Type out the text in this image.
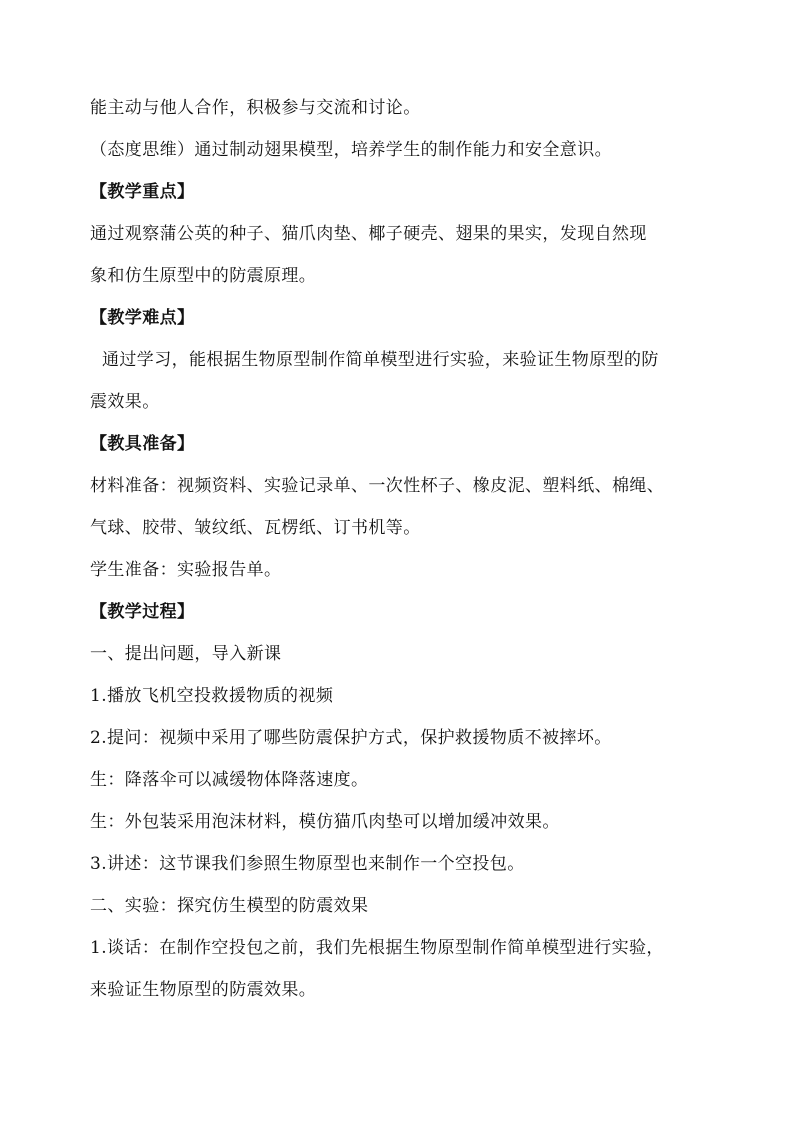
能主动与他人合作，积极参与交流和讨论。
（态度思维）通过制动翅果模型，培养学生的制作能力和安全意识。
【教学重点】
通过观察蒲公英的种子、猫爪肉垫、椰子硬壳、翅果的果实，发现自然现
象和仿生原型中的防震原理。
【教学难点】
通过学习，能根据生物原型制作简单模型进行实验，来验证生物原型的防
震效果。
【教具准备】
材料准备：视频资料、实验记录单、一次性杯子、橡皮泥、塑料纸、棉绳、
气球、胶带、皱纹纸、瓦楞纸、订书机等。
学生准备：实验报告单。
【教学过程】
一、提出问题，导入新课
1.播放飞机空投救援物质的视频
2.提问：视频中采用了哪些防震保护方式，保护救援物质不被摔坏。
生：降落伞可以减缓物体降落速度。
生：外包装采用泡沫材料，模仿猫爪肉垫可以增加缓冲效果。
3.讲述：这节课我们参照生物原型也来制作一个空投包。
二、实验：探究仿生模型的防震效果
1.谈话：在制作空投包之前，我们先根据生物原型制作简单模型进行实验，
来验证生物原型的防震效果。
